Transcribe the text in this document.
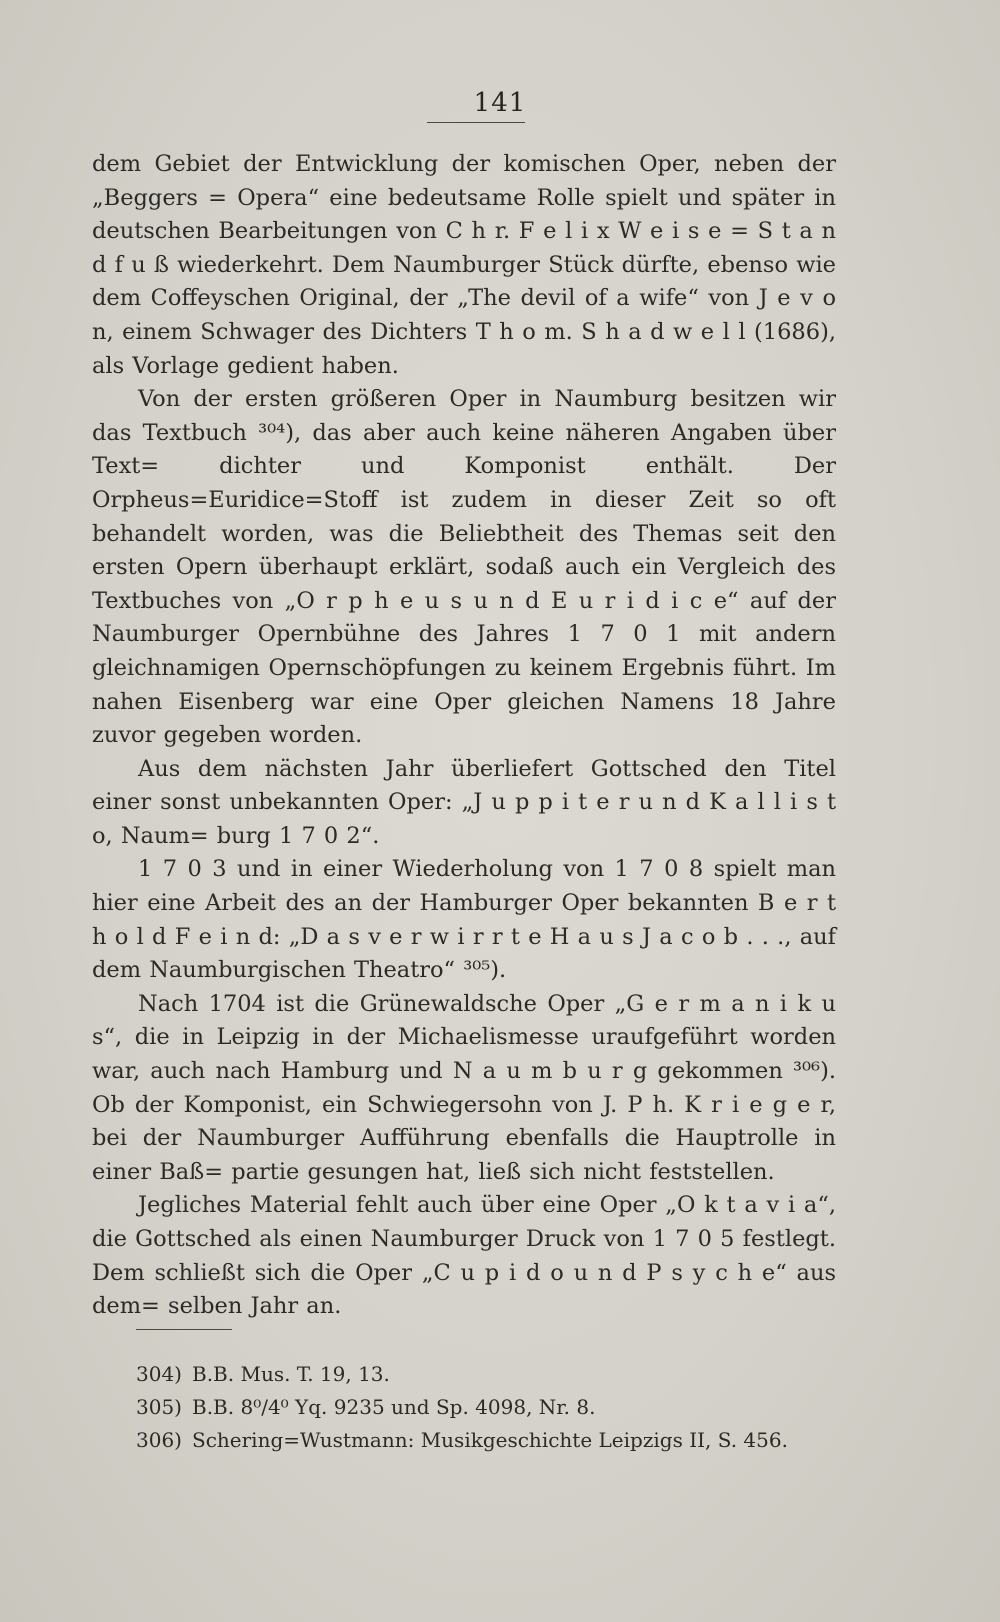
141

dem Gebiet der Entwicklung der komischen Oper, neben der „Beggers = Opera“ eine bedeutsame Rolle spielt und später in deutschen Bearbeitungen von C h r. F e l i x W e i s e = S t a n d f u ß wiederkehrt. Dem Naumburger Stück dürfte, ebenso wie dem Coffeyschen Original, der „The devil of a wife“ von J e v o n, einem Schwager des Dichters T h o m. S h a d w e l l (1686), als Vorlage gedient haben.

Von der ersten größeren Oper in Naumburg besitzen wir das Textbuch ³⁰⁴), das aber auch keine näheren Angaben über Text= dichter und Komponist enthält. Der Orpheus=Euridice=Stoff ist zudem in dieser Zeit so oft behandelt worden, was die Beliebtheit des Themas seit den ersten Opern überhaupt erklärt, sodaß auch ein Vergleich des Textbuches von „O r p h e u s u n d E u r i d i c e“ auf der Naumburger Opernbühne des Jahres 1 7 0 1 mit andern gleichnamigen Opernschöpfungen zu keinem Ergebnis führt. Im nahen Eisenberg war eine Oper gleichen Namens 18 Jahre zuvor gegeben worden.

Aus dem nächsten Jahr überliefert Gottsched den Titel einer sonst unbekannten Oper: „J u p p i t e r u n d K a l l i s t o, Naum= burg 1 7 0 2“.

1 7 0 3 und in einer Wiederholung von 1 7 0 8 spielt man hier eine Arbeit des an der Hamburger Oper bekannten B e r t h o l d F e i n d: „D a s v e r w i r r t e H a u s J a c o b . . ., auf dem Naumburgischen Theatro“ ³⁰⁵).

Nach 1704 ist die Grünewaldsche Oper „G e r m a n i k u s“, die in Leipzig in der Michaelismesse uraufgeführt worden war, auch nach Hamburg und N a u m b u r g gekommen ³⁰⁶). Ob der Komponist, ein Schwiegersohn von J. P h. K r i e g e r, bei der Naumburger Aufführung ebenfalls die Hauptrolle in einer Baß= partie gesungen hat, ließ sich nicht feststellen.

Jegliches Material fehlt auch über eine Oper „O k t a v i a“, die Gottsched als einen Naumburger Druck von 1 7 0 5 festlegt. Dem schließt sich die Oper „C u p i d o u n d P s y c h e“ aus dem= selben Jahr an.

304) B.B. Mus. T. 19, 13.
305) B.B. 8⁰/4⁰ Yq. 9235 und Sp. 4098, Nr. 8.
306) Schering=Wustmann: Musikgeschichte Leipzigs II, S. 456.
